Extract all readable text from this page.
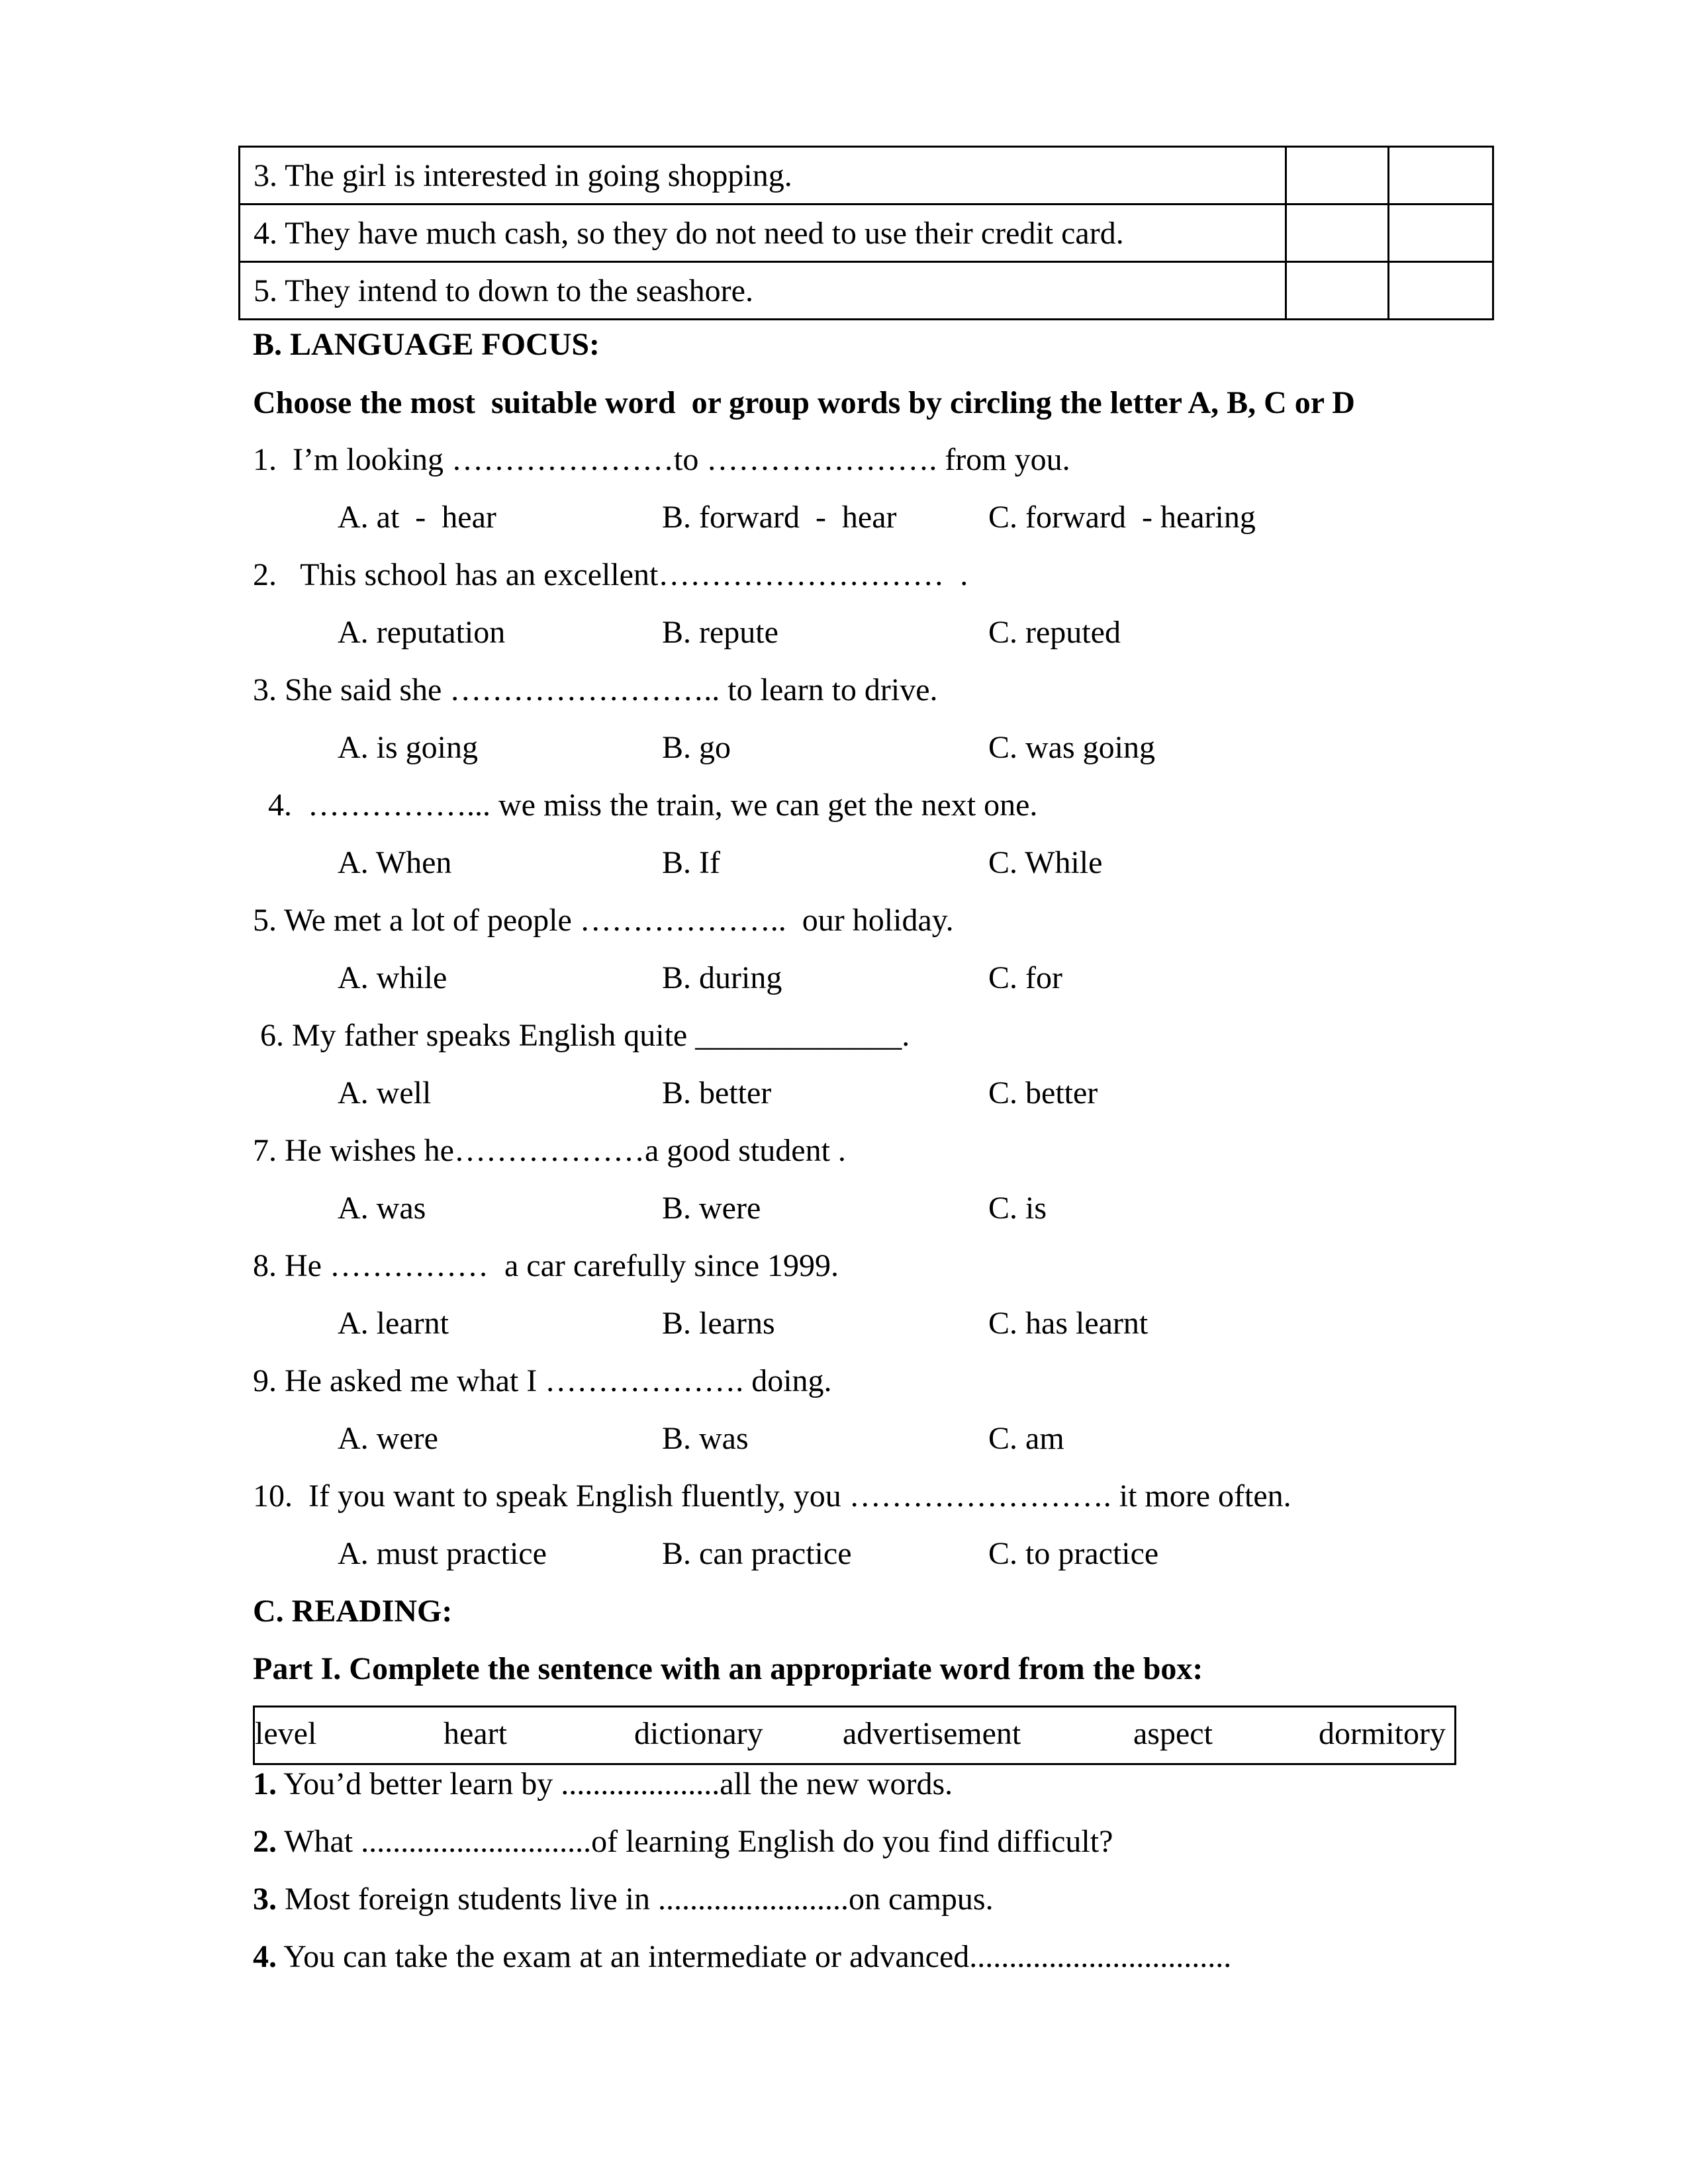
3. The girl is interested in going shopping.		
4. They have much cash, so they do not need to use their credit card.		
5. They intend to down to the seashore.		
B. LANGUAGE FOCUS:
Choose the most  suitable word  or group words by circling the letter A, B, C or D
1.  I’m looking …………………to …………………. from you.
A. at  -  hear	B. forward  -  hear	C. forward  - hearing
2.   This school has an excellent………………………  .
A. reputation	B. repute	C. reputed
3. She said she …………………….. to learn to drive.
A. is going	B. go	C. was going
4.  ……………... we miss the train, we can get the next one.
A. When	B. If	C. While
5. We met a lot of people ………………..  our holiday.
A. while	B. during	C. for
6. My father speaks English quite _____________.
A. well	B. better	C. better
7. He wishes he………………a good student .
A. was	B. were	C. is
8. He ……………  a car carefully since 1999.
A. learnt	B. learns	C. has learnt
9. He asked me what I ………………. doing.
A. were	B. was	C. am
10.  If you want to speak English fluently, you ……………………. it more often.
A. must practice	B. can practice	C. to practice
C. READING:
Part I. Complete the sentence with an appropriate word from the box:
level	heart	dictionary	advertisement	aspect	dormitory
1. You’d better learn by ....................all the new words.
2. What .............................of learning English do you find difficult?
3. Most foreign students live in ........................on campus.
4. You can take the exam at an intermediate or advanced.................................
